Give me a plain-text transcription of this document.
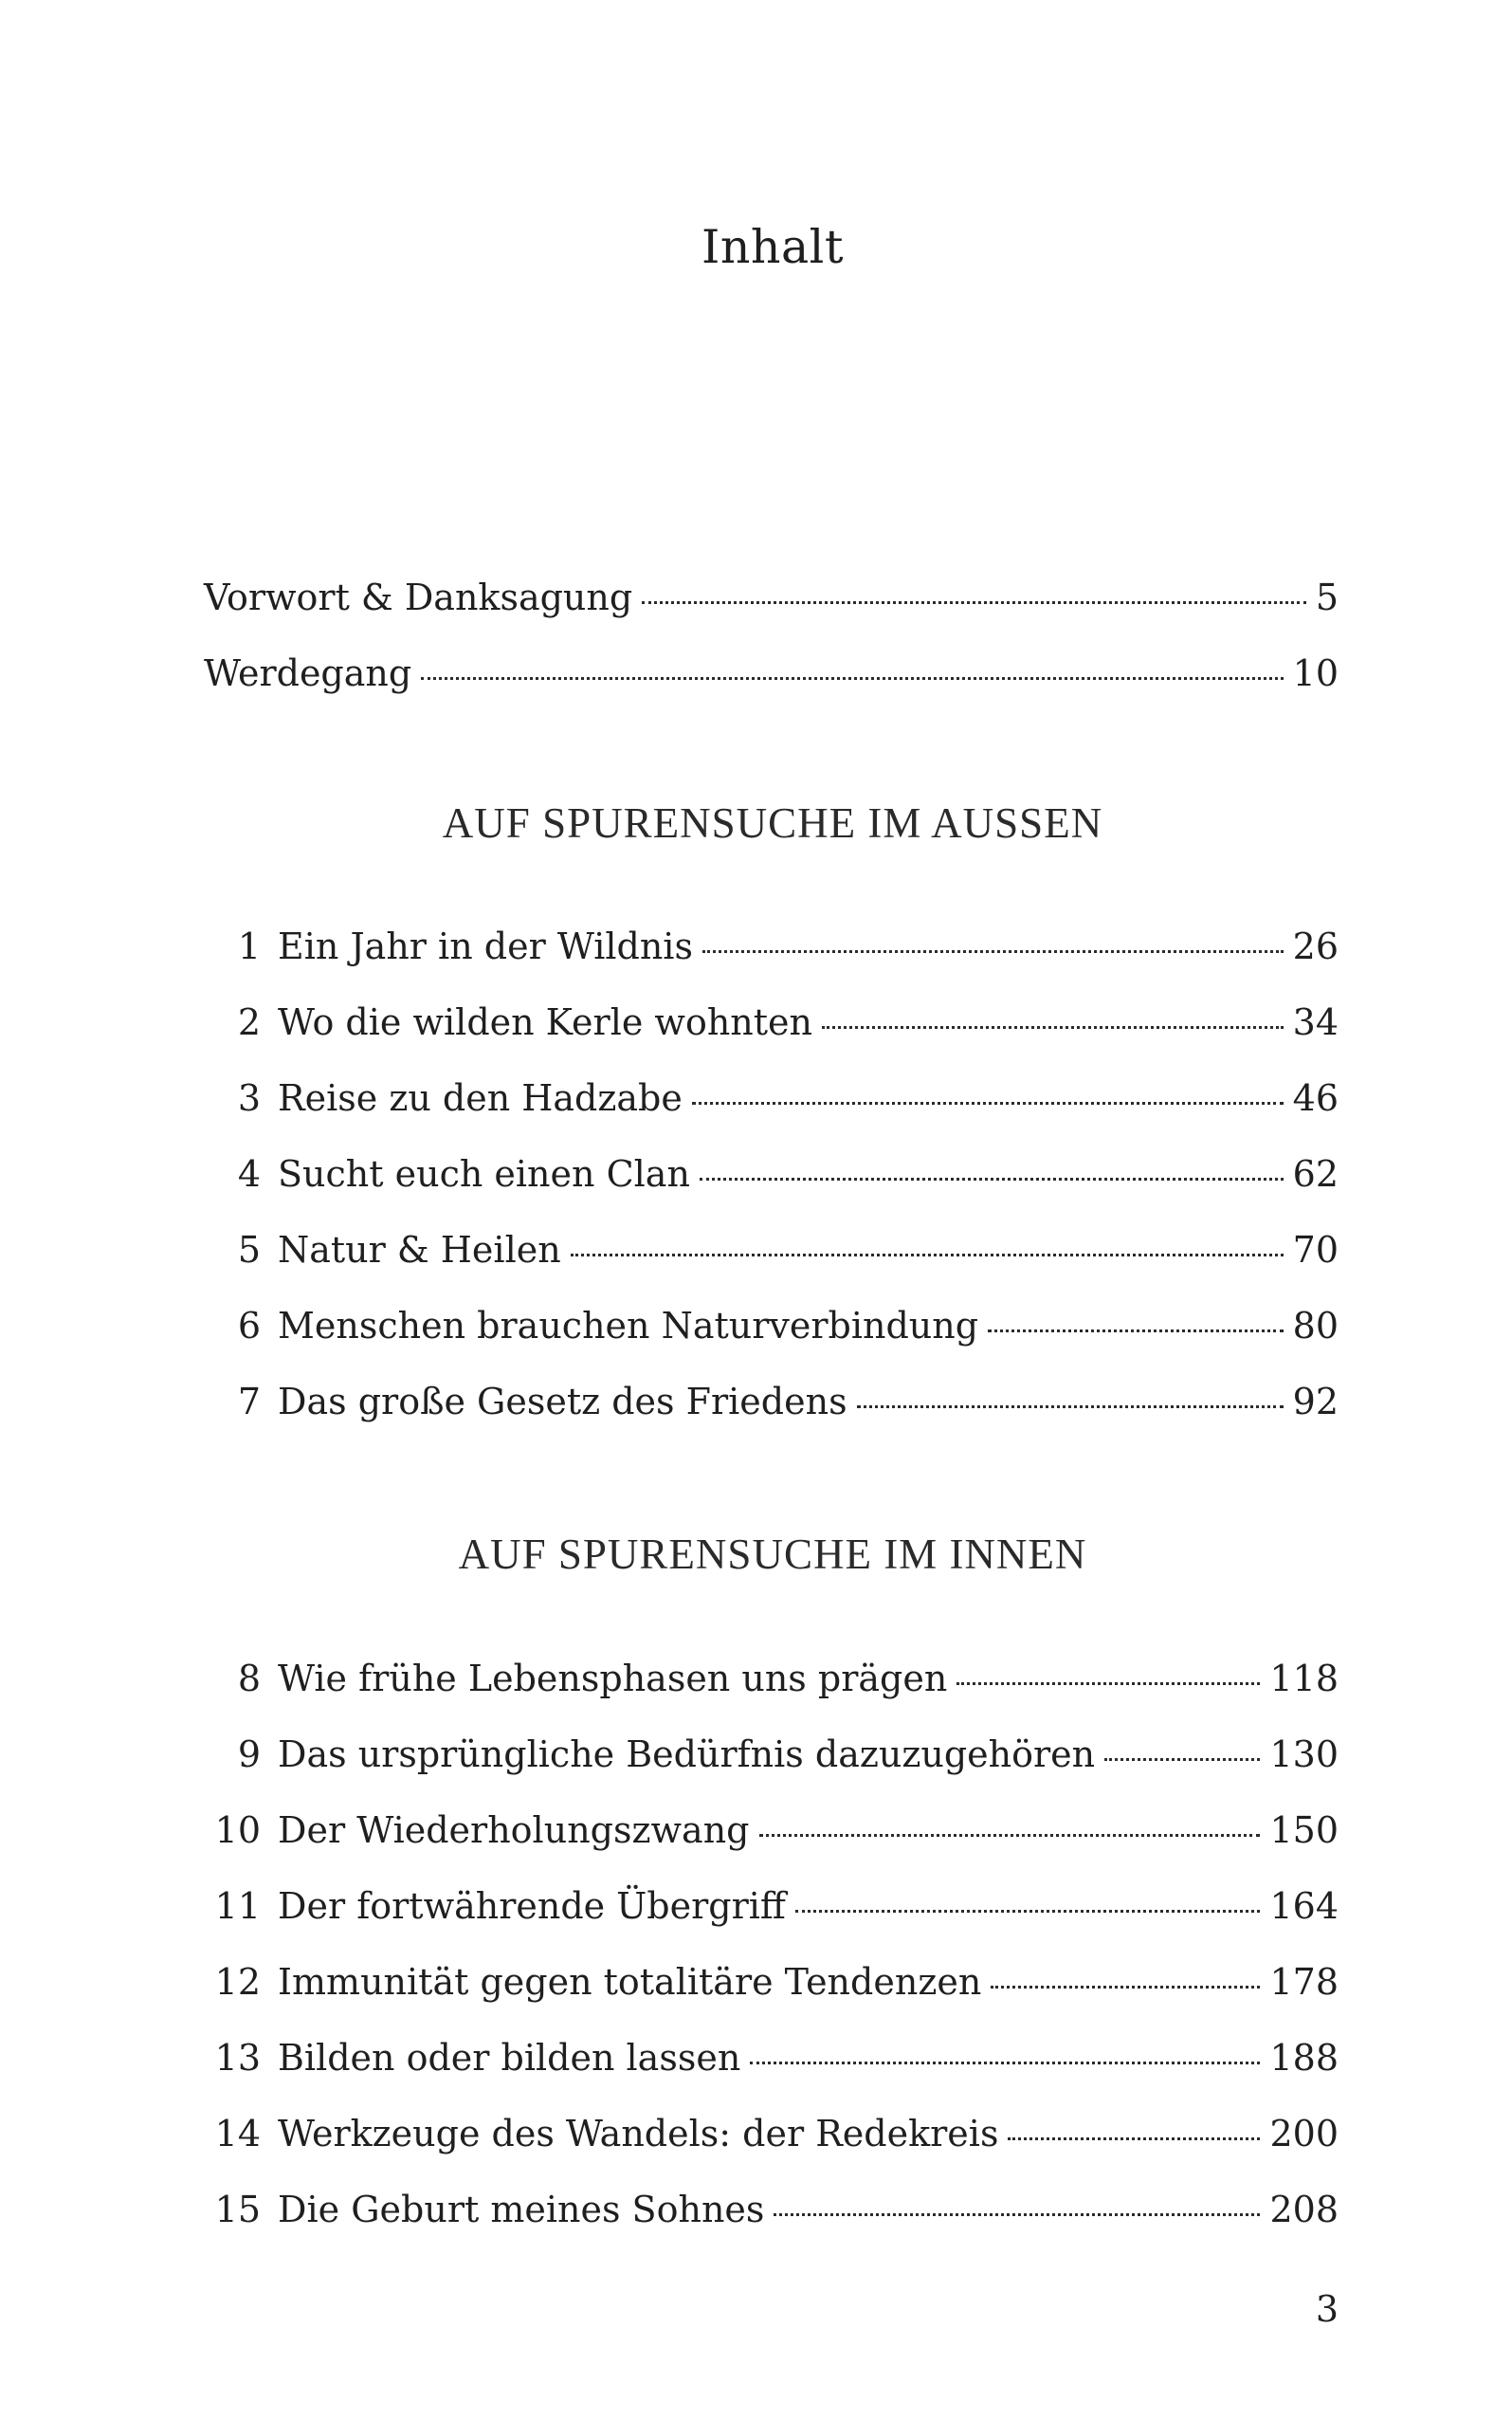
Inhalt
Vorwort & Danksagung	5
Werdegang	10
AUF SPURENSUCHE IM AUSSEN
1 Ein Jahr in der Wildnis	26
2 Wo die wilden Kerle wohnten	34
3 Reise zu den Hadzabe	46
4 Sucht euch einen Clan	62
5 Natur & Heilen	70
6 Menschen brauchen Naturverbindung	80
7 Das große Gesetz des Friedens	92
AUF SPURENSUCHE IM INNEN
8 Wie frühe Lebensphasen uns prägen	118
9 Das ursprüngliche Bedürfnis dazuzugehören	130
10 Der Wiederholungszwang	150
11 Der fortwährende Übergriff	164
12 Immunität gegen totalitäre Tendenzen	178
13 Bilden oder bilden lassen	188
14 Werkzeuge des Wandels: der Redekreis	200
15 Die Geburt meines Sohnes	208
3
